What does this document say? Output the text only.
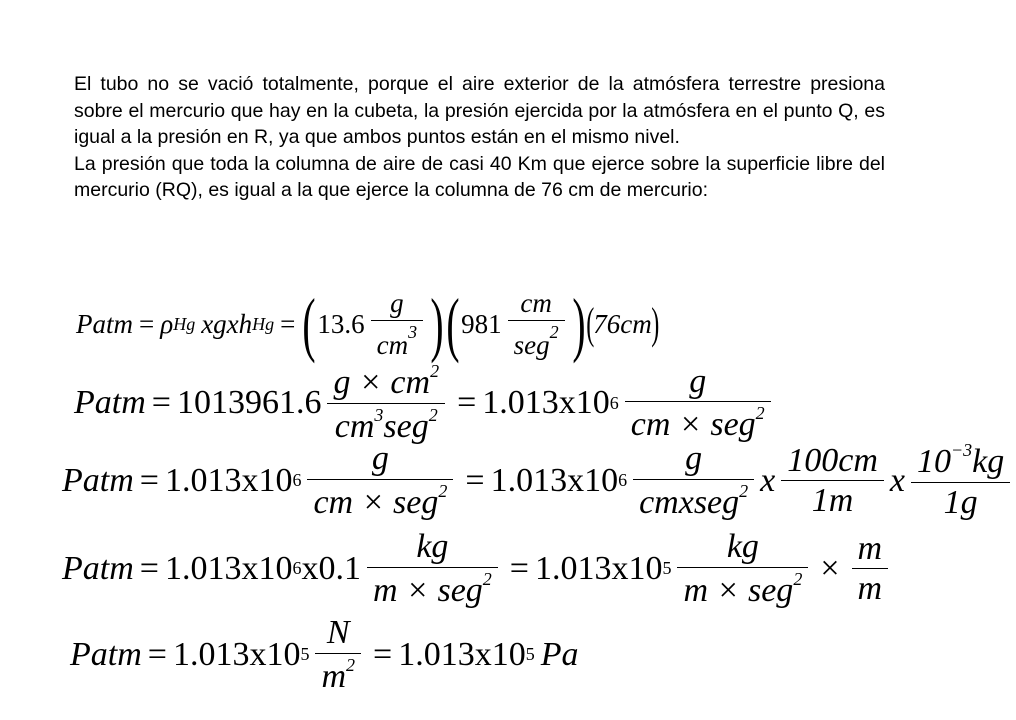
El tubo no se vació totalmente, porque el aire exterior de la atmósfera terrestre presiona sobre el mercurio que hay en la cubeta, la presión ejercida por la atmósfera en el punto Q, es igual a la presión en R, ya que ambos puntos están en el mismo nivel.

La presión que toda la columna de aire de casi 40 Km que ejerce sobre la superficie libre del mercurio (RQ), es igual a la que ejerce la columna de 76 cm de mercurio:

Patm = ρ Hg xgxh Hg = ( $13.6 \frac{g}{cm^3}$ ) ( $981 \frac{cm}{seg^2}$ ) ( 76cm )
Patm = $1013961.6 \frac{g \times cm^2}{cm^3seg^2} = 1.013x10$ $6 \frac{g}{cm \times seg^2}$
Patm = 1.013x10 $6 \frac{g}{cm \times seg^2} = 1.013x10$ $6 \frac{g}{cmxseg^2}$ x $\frac{100cm}{1m}$ x $\frac{10^{-3}kg}{1g}$
Patm = 1.013x10 6 $x0.1 \frac{kg}{m \times seg^2} = 1.013x10$ $5 \frac{kg}{m \times seg^2} \times \frac{m}{m}$
Patm = 1.013x10 $5 \frac{N}{m^2} = 1.013x10$ 5 Pa
